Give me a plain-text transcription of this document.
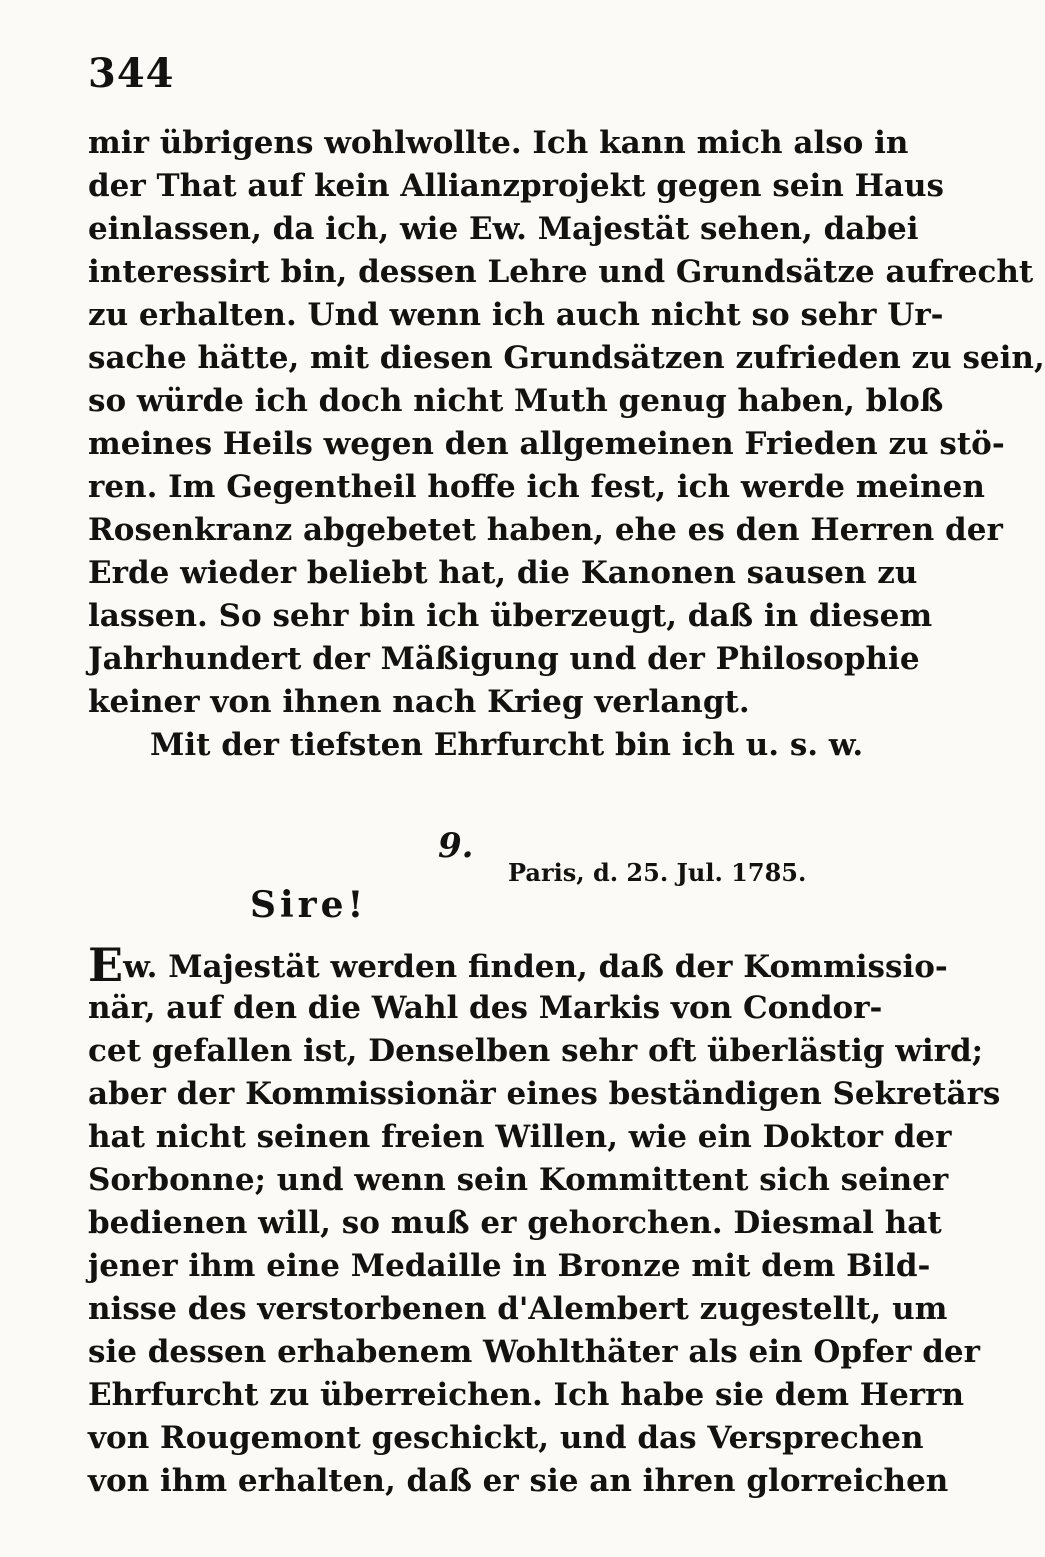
344
mir übrigens wohlwollte. Ich kann mich also in
der That auf kein Allianzprojekt gegen sein Haus
einlassen, da ich, wie Ew. Majestät sehen, dabei
interessirt bin, dessen Lehre und Grundsätze aufrecht
zu erhalten. Und wenn ich auch nicht so sehr Ur-
sache hätte, mit diesen Grundsätzen zufrieden zu sein,
so würde ich doch nicht Muth genug haben, bloß
meines Heils wegen den allgemeinen Frieden zu stö-
ren. Im Gegentheil hoffe ich fest, ich werde meinen
Rosenkranz abgebetet haben, ehe es den Herren der
Erde wieder beliebt hat, die Kanonen sausen zu
lassen. So sehr bin ich überzeugt, daß in diesem
Jahrhundert der Mäßigung und der Philosophie
keiner von ihnen nach Krieg verlangt.
Mit der tiefsten Ehrfurcht bin ich u. s. w.
9.
Paris, d. 25. Jul. 1785.
Sire!
Ew. Majestät werden finden, daß der Kommissio-
när, auf den die Wahl des Markis von Condor-
cet gefallen ist, Denselben sehr oft überlästig wird;
aber der Kommissionär eines beständigen Sekretärs
hat nicht seinen freien Willen, wie ein Doktor der
Sorbonne; und wenn sein Kommittent sich seiner
bedienen will, so muß er gehorchen. Diesmal hat
jener ihm eine Medaille in Bronze mit dem Bild-
nisse des verstorbenen d'Alembert zugestellt, um
sie dessen erhabenem Wohlthäter als ein Opfer der
Ehrfurcht zu überreichen. Ich habe sie dem Herrn
von Rougemont geschickt, und das Versprechen
von ihm erhalten, daß er sie an ihren glorreichen
